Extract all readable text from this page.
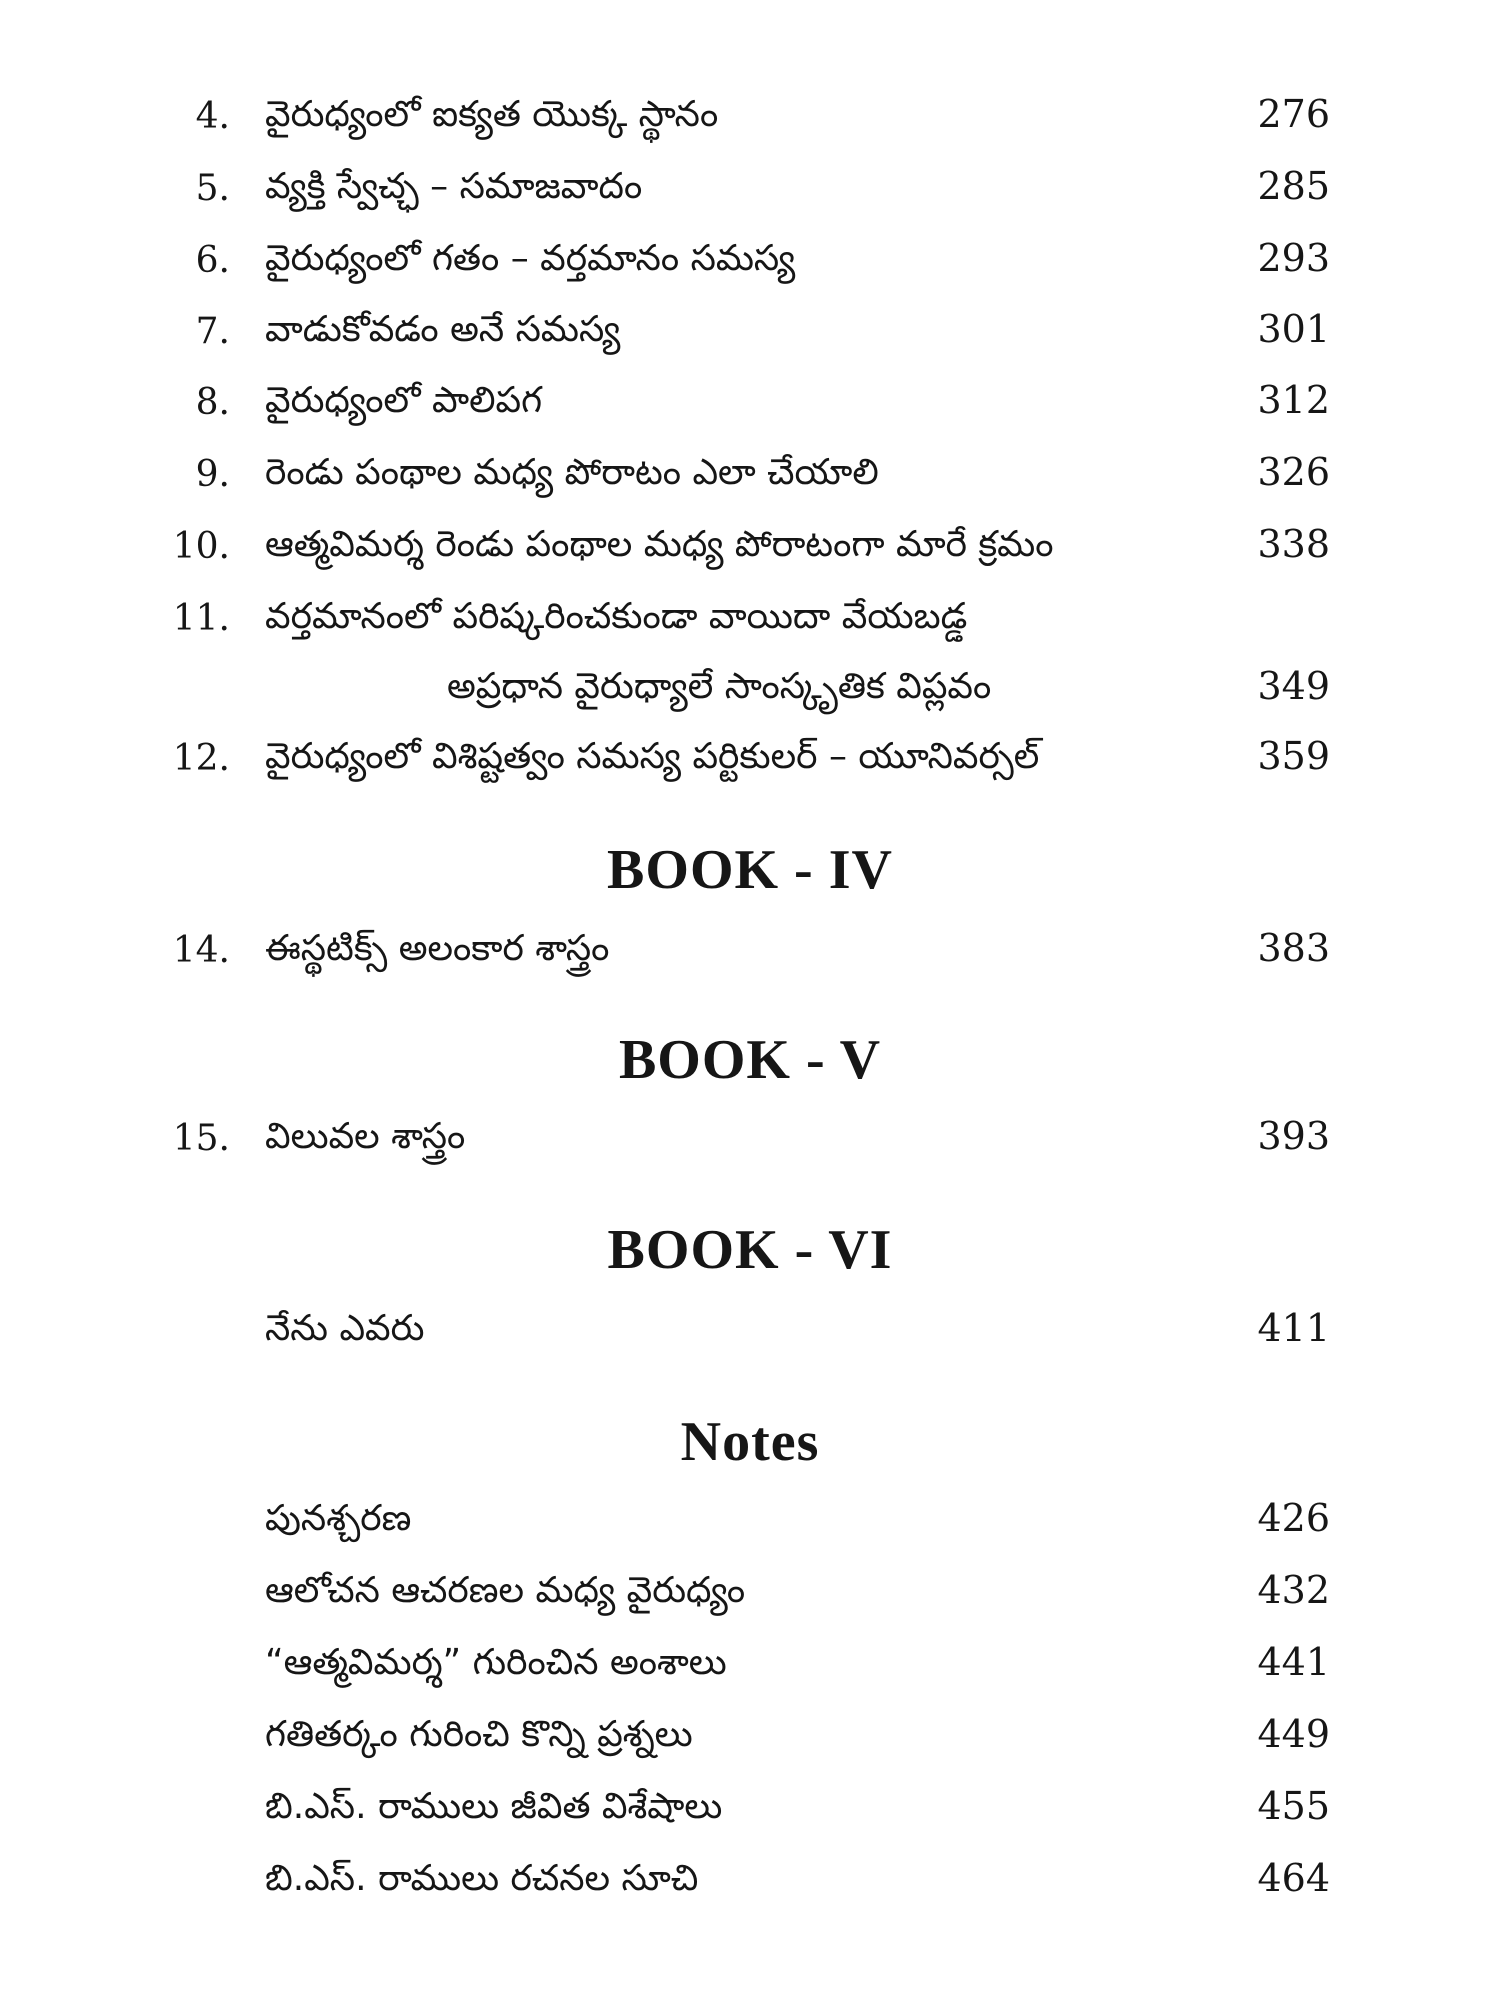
4. వైరుధ్యంలో ఐక్యత యొక్క స్థానం	276
5. వ్యక్తి స్వేచ్ఛ – సమాజవాదం	285
6. వైరుధ్యంలో గతం – వర్తమానం సమస్య	293
7. వాడుకోవడం అనే సమస్య	301
8. వైరుధ్యంలో పాలిపగ	312
9. రెండు పంథాల మధ్య పోరాటం ఎలా చేయాలి	326
10. ఆత్మవిమర్శ రెండు పంథాల మధ్య పోరాటంగా మారే క్రమం	338
11. వర్తమానంలో పరిష్కరించకుండా వాయిదా వేయబడ్డ
అప్రధాన వైరుధ్యాలే సాంస్కృతిక విప్లవం	349
12. వైరుధ్యంలో విశిష్టత్వం సమస్య పర్టికులర్ – యూనివర్సల్	359
BOOK - IV
14. ఈస్థటిక్స్ అలంకార శాస్త్రం	383
BOOK - V
15. విలువల శాస్త్రం	393
BOOK - VI
నేను ఎవరు	411
Notes
పునశ్చరణ	426
ఆలోచన ఆచరణల మధ్య వైరుధ్యం	432
“ఆత్మవిమర్శ” గురించిన అంశాలు	441
గతితర్కం గురించి కొన్ని ప్రశ్నలు	449
బి.ఎస్. రాములు జీవిత విశేషాలు	455
బి.ఎస్. రాములు రచనల సూచి	464
